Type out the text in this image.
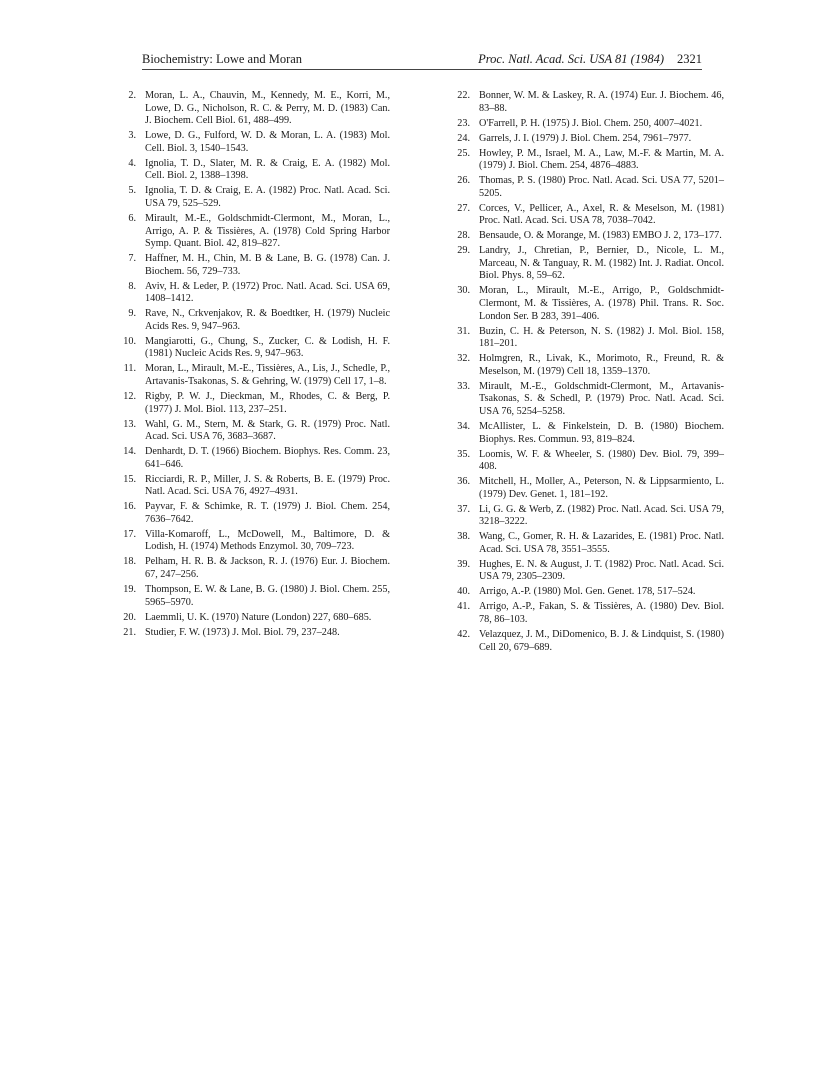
Biochemistry: Lowe and Moran	Proc. Natl. Acad. Sci. USA 81 (1984) 2321
2. Moran, L. A., Chauvin, M., Kennedy, M. E., Korri, M., Lowe, D. G., Nicholson, R. C. & Perry, M. D. (1983) Can. J. Biochem. Cell Biol. 61, 488–499.
3. Lowe, D. G., Fulford, W. D. & Moran, L. A. (1983) Mol. Cell. Biol. 3, 1540–1543.
4. Ignolia, T. D., Slater, M. R. & Craig, E. A. (1982) Mol. Cell. Biol. 2, 1388–1398.
5. Ignolia, T. D. & Craig, E. A. (1982) Proc. Natl. Acad. Sci. USA 79, 525–529.
6. Mirault, M.-E., Goldschmidt-Clermont, M., Moran, L., Arrigo, A. P. & Tissières, A. (1978) Cold Spring Harbor Symp. Quant. Biol. 42, 819–827.
7. Haffner, M. H., Chin, M. B & Lane, B. G. (1978) Can. J. Biochem. 56, 729–733.
8. Aviv, H. & Leder, P. (1972) Proc. Natl. Acad. Sci. USA 69, 1408–1412.
9. Rave, N., Crkvenjakov, R. & Boedtker, H. (1979) Nucleic Acids Res. 9, 947–963.
10. Mangiarotti, G., Chung, S., Zucker, C. & Lodish, H. F. (1981) Nucleic Acids Res. 9, 947–963.
11. Moran, L., Mirault, M.-E., Tissières, A., Lis, J., Schedle, P., Artavanis-Tsakonas, S. & Gehring, W. (1979) Cell 17, 1–8.
12. Rigby, P. W. J., Dieckman, M., Rhodes, C. & Berg, P. (1977) J. Mol. Biol. 113, 237–251.
13. Wahl, G. M., Stern, M. & Stark, G. R. (1979) Proc. Natl. Acad. Sci. USA 76, 3683–3687.
14. Denhardt, D. T. (1966) Biochem. Biophys. Res. Comm. 23, 641–646.
15. Ricciardi, R. P., Miller, J. S. & Roberts, B. E. (1979) Proc. Natl. Acad. Sci. USA 76, 4927–4931.
16. Payvar, F. & Schimke, R. T. (1979) J. Biol. Chem. 254, 7636–7642.
17. Villa-Komaroff, L., McDowell, M., Baltimore, D. & Lodish, H. (1974) Methods Enzymol. 30, 709–723.
18. Pelham, H. R. B. & Jackson, R. J. (1976) Eur. J. Biochem. 67, 247–256.
19. Thompson, E. W. & Lane, B. G. (1980) J. Biol. Chem. 255, 5965–5970.
20. Laemmli, U. K. (1970) Nature (London) 227, 680–685.
21. Studier, F. W. (1973) J. Mol. Biol. 79, 237–248.
22. Bonner, W. M. & Laskey, R. A. (1974) Eur. J. Biochem. 46, 83–88.
23. O'Farrell, P. H. (1975) J. Biol. Chem. 250, 4007–4021.
24. Garrels, J. I. (1979) J. Biol. Chem. 254, 7961–7977.
25. Howley, P. M., Israel, M. A., Law, M.-F. & Martin, M. A. (1979) J. Biol. Chem. 254, 4876–4883.
26. Thomas, P. S. (1980) Proc. Natl. Acad. Sci. USA 77, 5201–5205.
27. Corces, V., Pellicer, A., Axel, R. & Meselson, M. (1981) Proc. Natl. Acad. Sci. USA 78, 7038–7042.
28. Bensaude, O. & Morange, M. (1983) EMBO J. 2, 173–177.
29. Landry, J., Chretian, P., Bernier, D., Nicole, L. M., Marceau, N. & Tanguay, R. M. (1982) Int. J. Radiat. Oncol. Biol. Phys. 8, 59–62.
30. Moran, L., Mirault, M.-E., Arrigo, P., Goldschmidt-Clermont, M. & Tissières, A. (1978) Phil. Trans. R. Soc. London Ser. B 283, 391–406.
31. Buzin, C. H. & Peterson, N. S. (1982) J. Mol. Biol. 158, 181–201.
32. Holmgren, R., Livak, K., Morimoto, R., Freund, R. & Meselson, M. (1979) Cell 18, 1359–1370.
33. Mirault, M.-E., Goldschmidt-Clermont, M., Artavanis-Tsakonas, S. & Schedl, P. (1979) Proc. Natl. Acad. Sci. USA 76, 5254–5258.
34. McAllister, L. & Finkelstein, D. B. (1980) Biochem. Biophys. Res. Commun. 93, 819–824.
35. Loomis, W. F. & Wheeler, S. (1980) Dev. Biol. 79, 399–408.
36. Mitchell, H., Moller, A., Peterson, N. & Lippsarmiento, L. (1979) Dev. Genet. 1, 181–192.
37. Li, G. G. & Werb, Z. (1982) Proc. Natl. Acad. Sci. USA 79, 3218–3222.
38. Wang, C., Gomer, R. H. & Lazarides, E. (1981) Proc. Natl. Acad. Sci. USA 78, 3551–3555.
39. Hughes, E. N. & August, J. T. (1982) Proc. Natl. Acad. Sci. USA 79, 2305–2309.
40. Arrigo, A.-P. (1980) Mol. Gen. Genet. 178, 517–524.
41. Arrigo, A.-P., Fakan, S. & Tissières, A. (1980) Dev. Biol. 78, 86–103.
42. Velazquez, J. M., DiDomenico, B. J. & Lindquist, S. (1980) Cell 20, 679–689.
